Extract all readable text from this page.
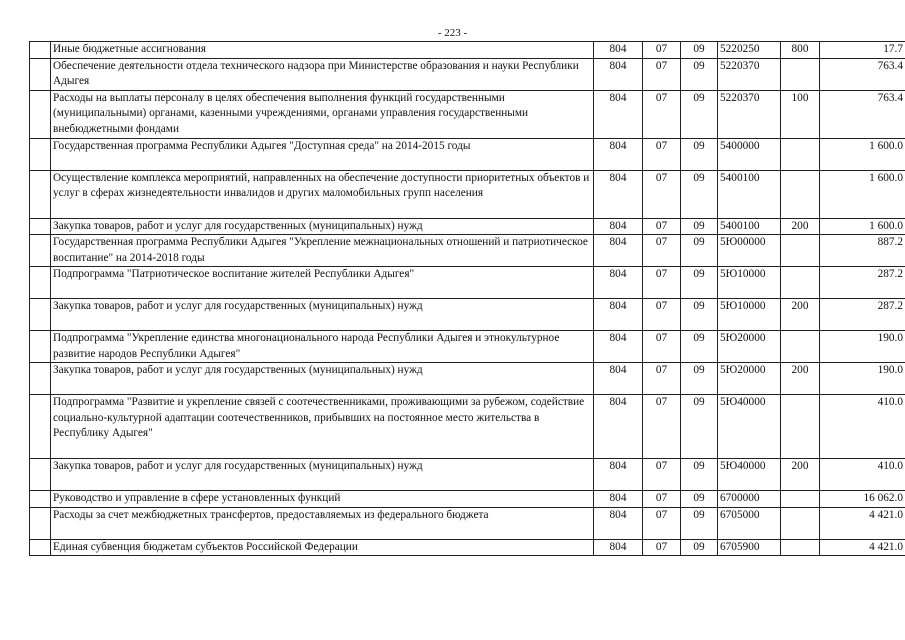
- 223 -
	Иные бюджетные ассигнования	804	07	09	5220250	800	17.7
	Обеспечение деятельности отдела технического надзора при Министерстве образования и науки Республики Адыгея	804	07	09	5220370		763.4
	Расходы на выплаты персоналу в целях обеспечения выполнения функций государственными (муниципальными) органами, казенными учреждениями, органами управления государственными внебюджетными фондами	804	07	09	5220370	100	763.4
	Государственная программа Республики Адыгея "Доступная среда" на 2014-2015 годы	804	07	09	5400000		1 600.0
	Осуществление комплекса мероприятий, направленных на обеспечение доступности приоритетных объектов и услуг в сферах жизнедеятельности инвалидов и других маломобильных групп населения	804	07	09	5400100		1 600.0
	Закупка товаров, работ и услуг для государственных (муниципальных) нужд	804	07	09	5400100	200	1 600.0
	Государственная программа Республики Адыгея "Укрепление межнациональных отношений и патриотическое воспитание" на 2014-2018 годы	804	07	09	5Ю00000		887.2
	Подпрограмма "Патриотическое воспитание жителей Республики Адыгея"	804	07	09	5Ю10000		287.2
	Закупка товаров, работ и услуг для государственных (муниципальных) нужд	804	07	09	5Ю10000	200	287.2
	Подпрограмма "Укрепление единства многонационального народа Республики Адыгея и этнокультурное развитие народов Республики Адыгея"	804	07	09	5Ю20000		190.0
	Закупка товаров, работ и услуг для государственных (муниципальных) нужд	804	07	09	5Ю20000	200	190.0
	Подпрограмма "Развитие и укрепление связей с соотечественниками, проживающими за рубежом, содействие социально-культурной адаптации соотечественников, прибывших на постоянное место жительства в Республику Адыгея"	804	07	09	5Ю40000		410.0
	Закупка товаров, работ и услуг для государственных (муниципальных) нужд	804	07	09	5Ю40000	200	410.0
	Руководство и управление в сфере установленных функций	804	07	09	6700000		16 062.0
	Расходы за счет межбюджетных трансфертов, предоставляемых из федерального бюджета	804	07	09	6705000		4 421.0
	Единая субвенция бюджетам субъектов Российской Федерации	804	07	09	6705900		4 421.0
